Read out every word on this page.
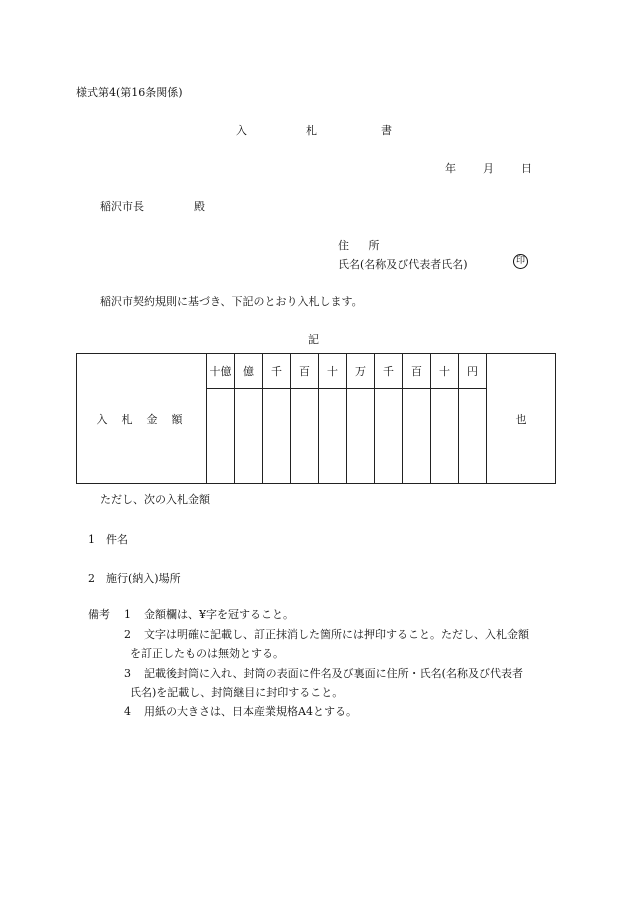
様式第4(第16条関係)
入	札	書
年 月 日
稲沢市長	殿
住 所
氏名(名称及び代表者氏名)	印
稲沢市契約規則に基づき、下記のとおり入札します。
記
入札金額	十億	億	千	百	十	万	千	百	十	円	也

ただし、次の入札金額
1 件名
2 施行(納入)場所
備考 1 金額欄は、¥字を冠すること。
2 文字は明確に記載し、訂正抹消した箇所には押印すること。ただし、入札金額
を訂正したものは無効とする。
3 記載後封筒に入れ、封筒の表面に件名及び裏面に住所・氏名(名称及び代表者
氏名)を記載し、封筒継目に封印すること。
4 用紙の大きさは、日本産業規格A4とする。
